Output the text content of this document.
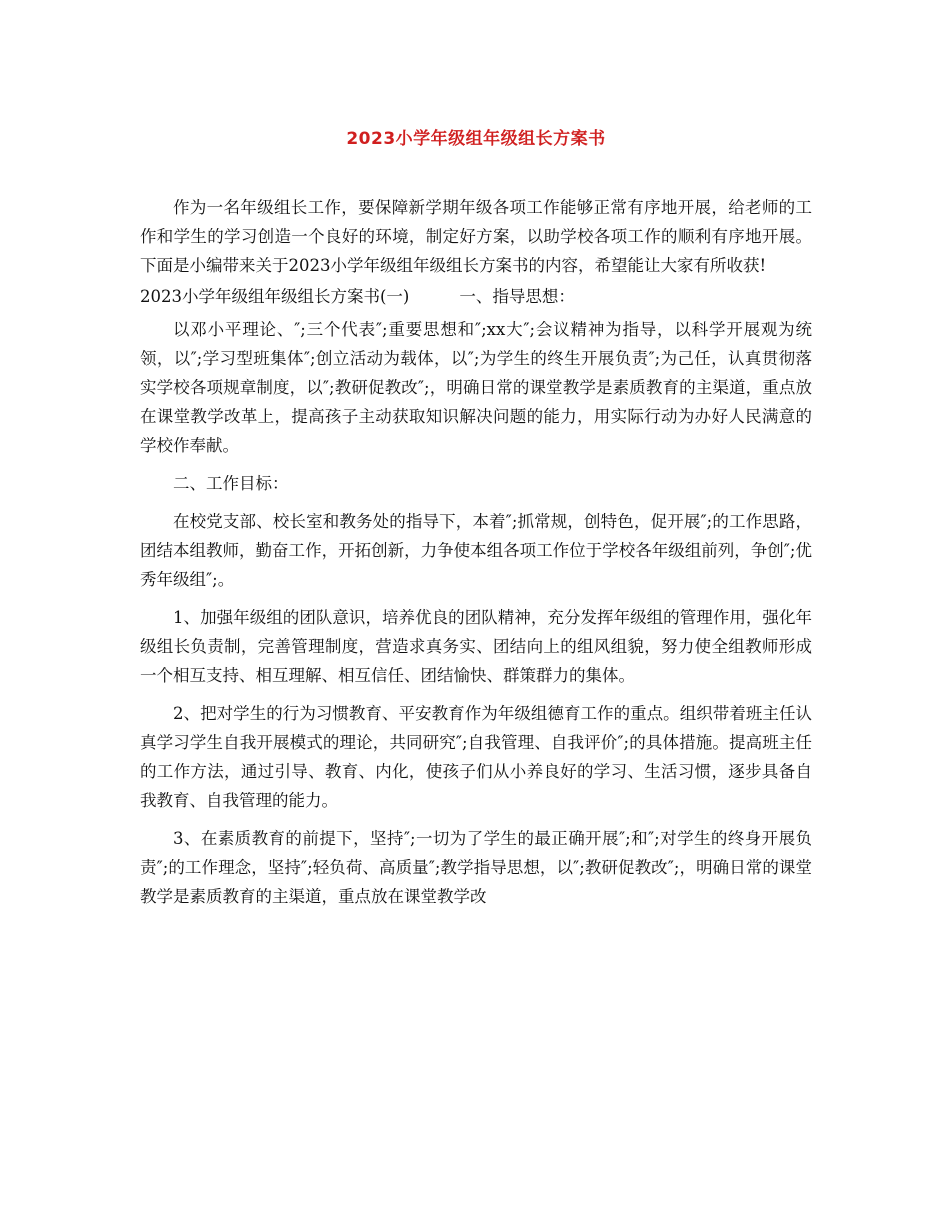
2023小学年级组年级组长方案书

作为一名年级组长工作，要保障新学期年级各项工作能够正常有序地开展，给老师的工作和学生的学习创造一个良好的环境，制定好方案，以助学校各项工作的顺利有序地开展。下面是小编带来关于2023小学年级组年级组长方案书的内容，希望能让大家有所收获!

2023小学年级组年级组长方案书(一)	一、指导思想：

以邓小平理论、″;三个代表″;重要思想和″;xx大″;会议精神为指导，以科学开展观为统领，以″;学习型班集体″;创立活动为载体，以″;为学生的终生开展负责″;为己任，认真贯彻落实学校各项规章制度，以″;教研促教改″;，明确日常的课堂教学是素质教育的主渠道，重点放在课堂教学改革上，提高孩子主动获取知识解决问题的能力，用实际行动为办好人民满意的学校作奉献。

二、工作目标：

在校党支部、校长室和教务处的指导下，本着″;抓常规，创特色，促开展″;的工作思路，团结本组教师，勤奋工作，开拓创新，力争使本组各项工作位于学校各年级组前列，争创″;优秀年级组″;。

1、加强年级组的团队意识，培养优良的团队精神，充分发挥年级组的管理作用，强化年级组长负责制，完善管理制度，营造求真务实、团结向上的组风组貌，努力使全组教师形成一个相互支持、相互理解、相互信任、团结愉快、群策群力的集体。

2、把对学生的行为习惯教育、平安教育作为年级组德育工作的重点。组织带着班主任认真学习学生自我开展模式的理论，共同研究″;自我管理、自我评价″;的具体措施。提高班主任的工作方法，通过引导、教育、内化，使孩子们从小养良好的学习、生活习惯，逐步具备自我教育、自我管理的能力。

3、在素质教育的前提下，坚持″;一切为了学生的最正确开展″;和″;对学生的终身开展负责″;的工作理念，坚持″;轻负荷、高质量″;教学指导思想，以″;教研促教改″;，明确日常的课堂教学是素质教育的主渠道，重点放在课堂教学改
